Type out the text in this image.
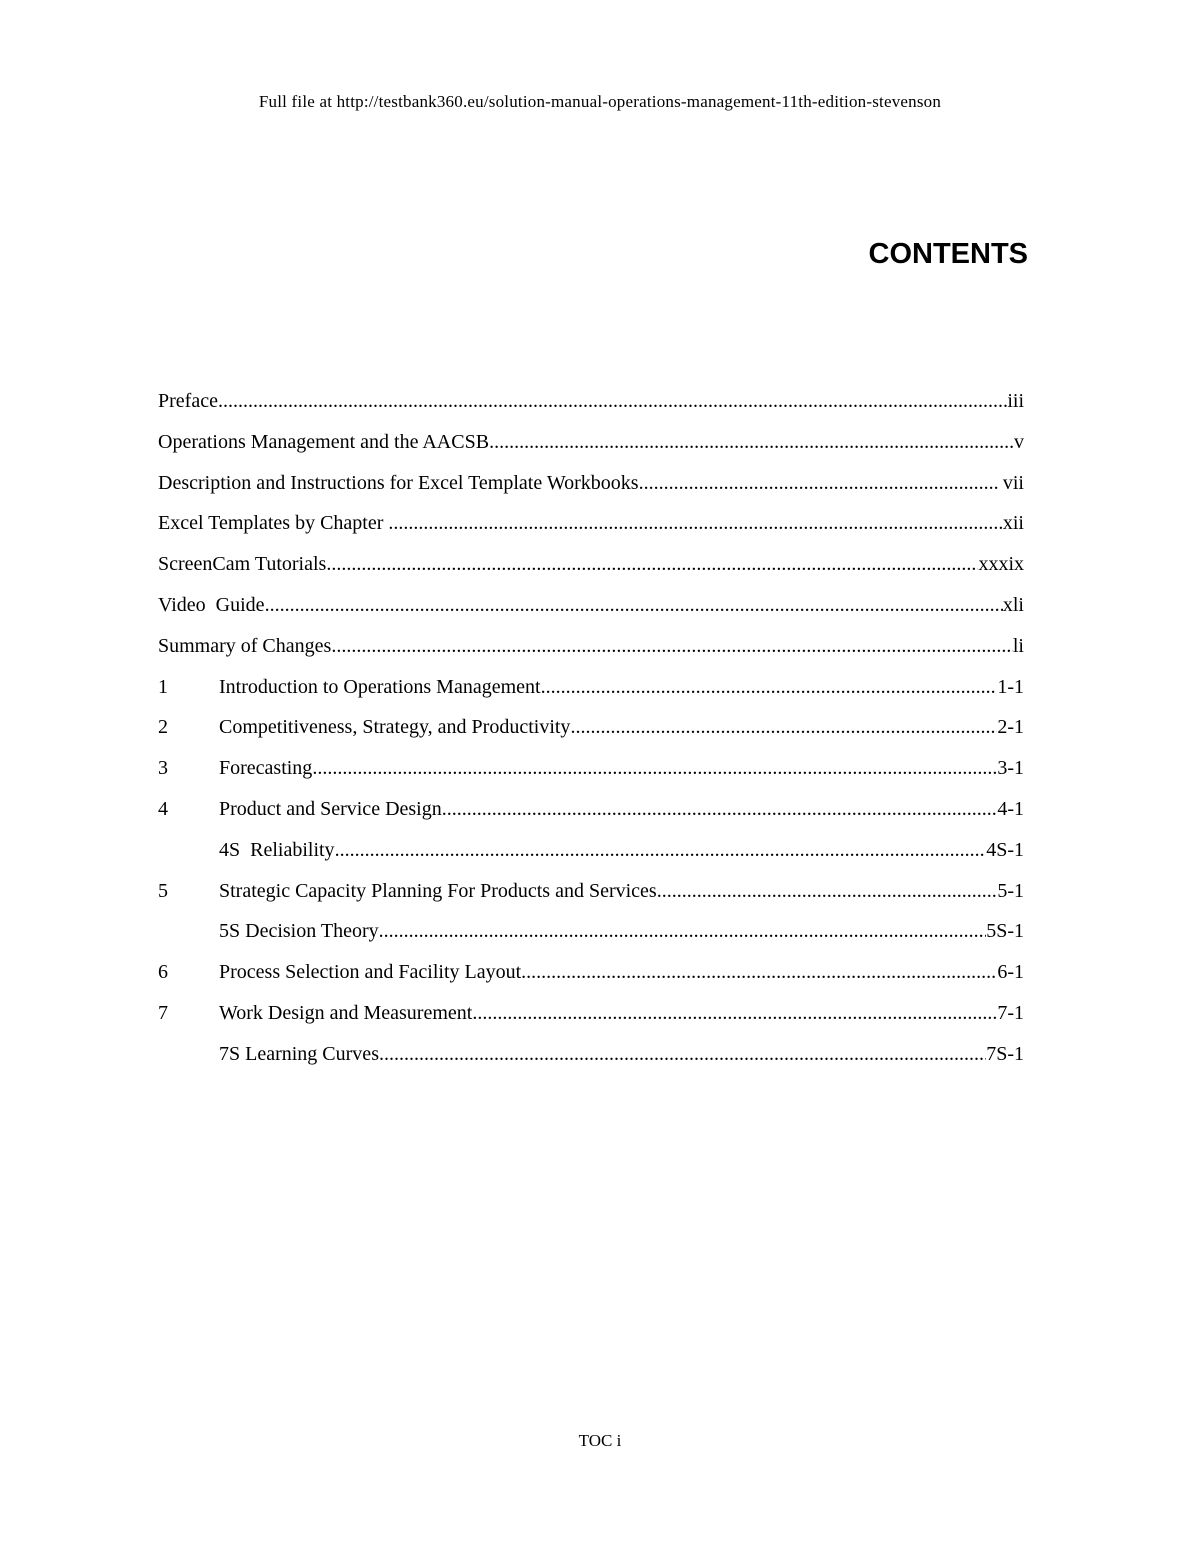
Full file at http://testbank360.eu/solution-manual-operations-management-11th-edition-stevenson
CONTENTS
Preface .....	iii
Operations Management and the AACSB .....	v
Description and Instructions for Excel Template Workbooks .....	vii
Excel Templates by Chapter .....	xii
ScreenCam Tutorials .....	xxxix
Video  Guide .....	xli
Summary of Changes .....	li
1	Introduction to Operations Management .....	1-1
2	Competitiveness, Strategy, and Productivity .....	2-1
3	Forecasting .....	3-1
4	Product and Service Design .....	4-1
4S  Reliability .....	4S-1
5	Strategic Capacity Planning For Products and Services .....	5-1
5S Decision Theory .....	5S-1
6	Process Selection and Facility Layout .....	6-1
7	Work Design and Measurement .....	7-1
7S Learning Curves .....	7S-1
TOC i
